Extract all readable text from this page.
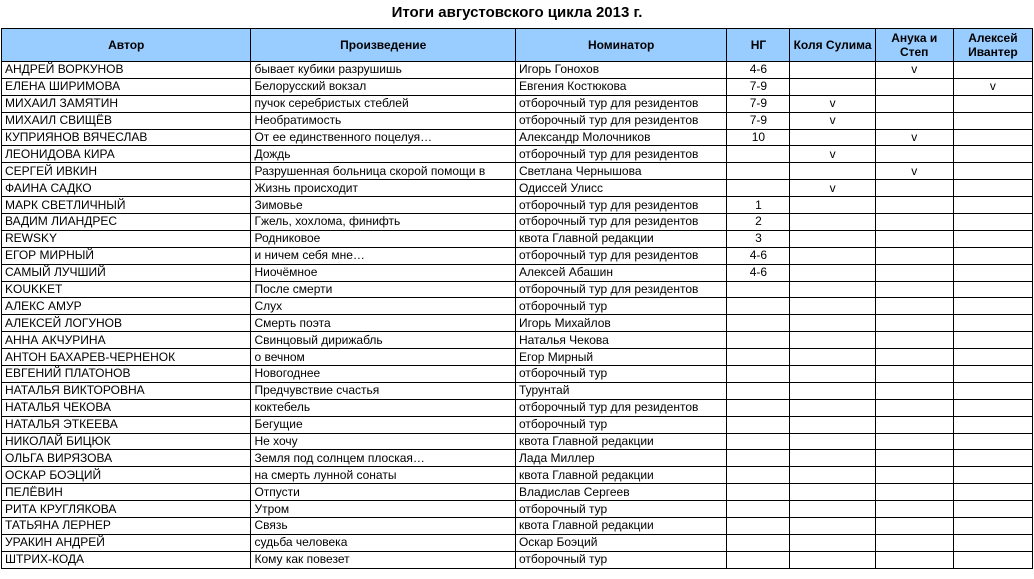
Итоги августовского цикла 2013 г.
Автор	Произведение	Номинатор	НГ	Коля Сулима	Анука и Степ	Алексей Ивантер
АНДРЕЙ ВОРКУНОВ	бывает кубики разрушишь	Игорь Гонохов	4-6		v	
ЕЛЕНА ШИРИМОВА	Белорусский вокзал	Евгения Костюкова	7-9			v
МИХАИЛ ЗАМЯТИН	пучок серебристых стеблей	отборочный тур для резидентов	7-9	v		
МИХАИЛ СВИЩЁВ	Необратимость	отборочный тур для резидентов	7-9	v		
КУПРИЯНОВ ВЯЧЕСЛАВ	От ее единственного поцелуя…	Александр Молочников	10		v	
ЛЕОНИДОВА КИРА	Дождь	отборочный тур для резидентов		v		
СЕРГЕЙ ИВКИН	Разрушенная больница скорой помощи в	Светлана Чернышова			v	
ФАИНА САДКО	Жизнь происходит	Одиссей Улисс		v		
МАРК СВЕТЛИЧНЫЙ	Зимовье	отборочный тур для резидентов	1			
ВАДИМ ЛИАНДРЕС	Гжель, хохлома, финифть	отборочный тур для резидентов	2			
REWSKY	Родниковое	квота Главной редакции	3			
ЕГОР МИРНЫЙ	и ничем себя мне…	отборочный тур для резидентов	4-6			
САМЫЙ ЛУЧШИЙ	Ниочёмное	Алексей Абашин	4-6			
KOUKKET	После смерти	отборочный тур для резидентов				
АЛЕКС АМУР	Слух	отборочный тур				
АЛЕКСЕЙ ЛОГУНОВ	Смерть поэта	Игорь Михайлов				
АННА АКЧУРИНА	Свинцовый дирижабль	Наталья Чекова				
АНТОН БАХАРЕВ-ЧЕРНЕНОК	о вечном	Егор Мирный				
ЕВГЕНИЙ ПЛАТОНОВ	Новогоднее	отборочный тур				
НАТАЛЬЯ ВИКТОРОВНА	Предчувствие счастья	Турунтай				
НАТАЛЬЯ ЧЕКОВА	коктебель	отборочный тур для резидентов				
НАТАЛЬЯ ЭТКЕЕВА	Бегущие	отборочный тур				
НИКОЛАЙ БИЦЮК	Не хочу	квота Главной редакции				
ОЛЬГА ВИРЯЗОВА	Земля под солнцем плоская…	Лада Миллер				
ОСКАР БОЭЦИЙ	на смерть лунной сонаты	квота Главной редакции				
ПЕЛЁВИН	Отпусти	Владислав Сергеев				
РИТА КРУГЛЯКОВА	Утром	отборочный тур				
ТАТЬЯНА ЛЕРНЕР	Связь	квота Главной редакции				
УРАКИН АНДРЕЙ	судьба человека	Оскар Боэций				
ШТРИХ-КОДА	Кому как повезет	отборочный тур				
